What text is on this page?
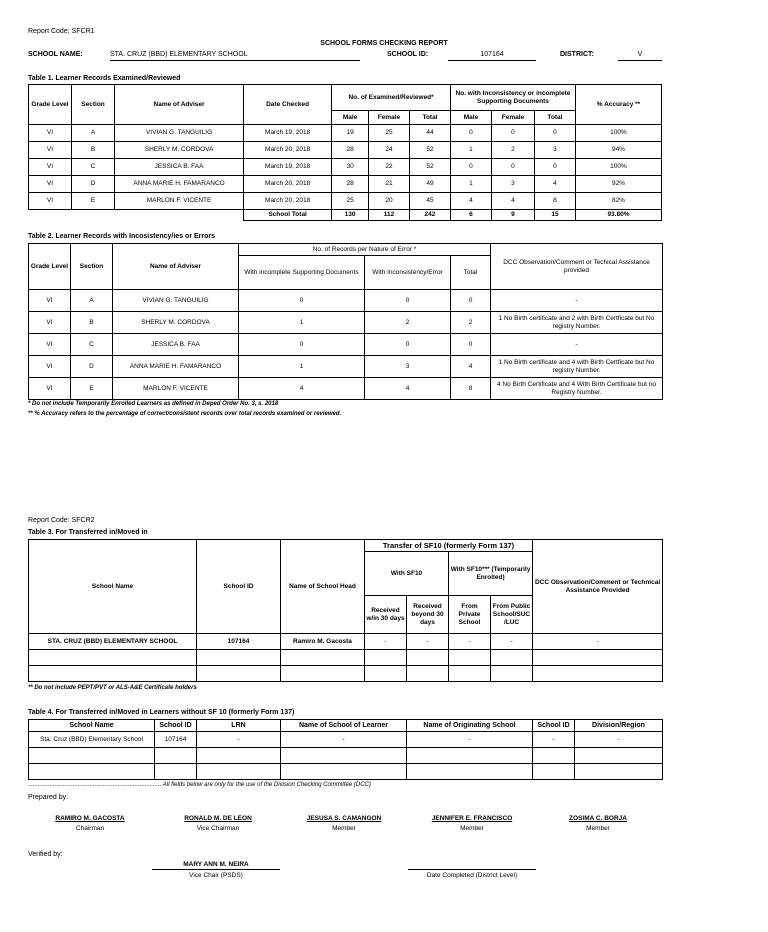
Report Code; SFCR1
SCHOOL FORMS CHECKING REPORT
SCHOOL NAME:	STA. CRUZ (BBD) ELEMENTARY SCHOOL	SCHOOL ID:	107164	DISTRICT:	V
Table 1. Learner Records Examined/Reviewed
Grade Level	Section	Name of Adviser	Date Checked	No. of Examined/Reviewed*			No. with Inconsistency or incomplete Supporting Documents			% Accuracy **
				Male	Female	Total	Male	Female	Total	
VI	A	VIVIAN G. TANGUILIG	March 19, 2018	19	25	44	0	0	0	100%
VI	B	SHERLY M. CORDOVA	March 20, 2018	28	24	52	1	2	3	94%
VI	C	JESSICA B. FAA	March 19, 2018	30	22	52	0	0	0	100%
VI	D	ANNA MARIE H. FAMARANCO	March 20, 2018	28	21	49	1	3	4	92%
VI	E	MARLON F. VICENTE	March 20, 2018	25	20	45	4	4	8	82%
			School Total	130	112	242	6	9	15	93.80%
Table 2. Learner Records with Incosistency/ies or Errors
Grade Level	Section	Name of Adviser	No. of Records per Nature of Error *			DCC Observation/Comment or Techical Assistance provided
			With incomplete Supporting Documents	With Inconsistency/Error	Total	
VI	A	VIVIAN G. TANGUILIG	0	0	0	-
VI	B	SHERLY M. CORDOVA	1	2	2	1 No Birth certificate and 2 with Birth Certficate but No registry Number.
VI	C	JESSICA B. FAA	0	0	0	-
VI	D	ANNA MARIE H. FAMARANCO	1	3	4	1 No Birth certificate and 4 with Birth Certficate but No registry Number.
VI	E	MARLON F. VICENTE	4	4	8	4 No Birth Certificate and 4 With Birth Certificate but no Registry Number.
* Do not include Temporarily Enrolled Learners as defined in Deped Order No. 3, s. 2018
** % Accuracy refers to the percentage of correct/consistent records over total records examined or reviewed.
Report Code: SFCR2
Table 3. For Transferred in/Moved in
School Name	School ID	Name of School Head	Transfer of SF10 (formerly Form 137)				DCC Observation/Comment or Technical Assistance Provided
			With SF10		With SF10*** (Temporarily Enrolled)		
			Received w/in 30 days	Received beyond 30 days	From Private School	From Public School/SUC /LUC	
STA. CRUZ (BBD) ELEMENTARY SCHOOL	107164	Ramiro M. Gacosta	-	-	-	-	-

** Do not include PEPT/PVT or ALS-A&E Certificate holders
Table 4. For Transferred in/Moved in Learners without SF 10 (formerly Form 137)
School Name	School ID	LRN	Name of School of Learner	Name of Originating School	School ID	Division/Region
Sta. Cruz (BBD) Elementary School	107164	-	-	-	-	-

................................................................................ All fields below are only for the use of the Division Checking Committee (DCC)
Prepared by:
RAMIRO M. GACOSTA
Chairman
RONALD M. DE LEON
Vice Chairman
JESUSA S. CAMANGON
Member
JENNIFER E. FRANCISCO
Member
ZOSIMA C. BORJA
Member
Verified by:
MARY ANN M. NEIRA
Vice Chair (PSDS)	Date Completed (District Level)
